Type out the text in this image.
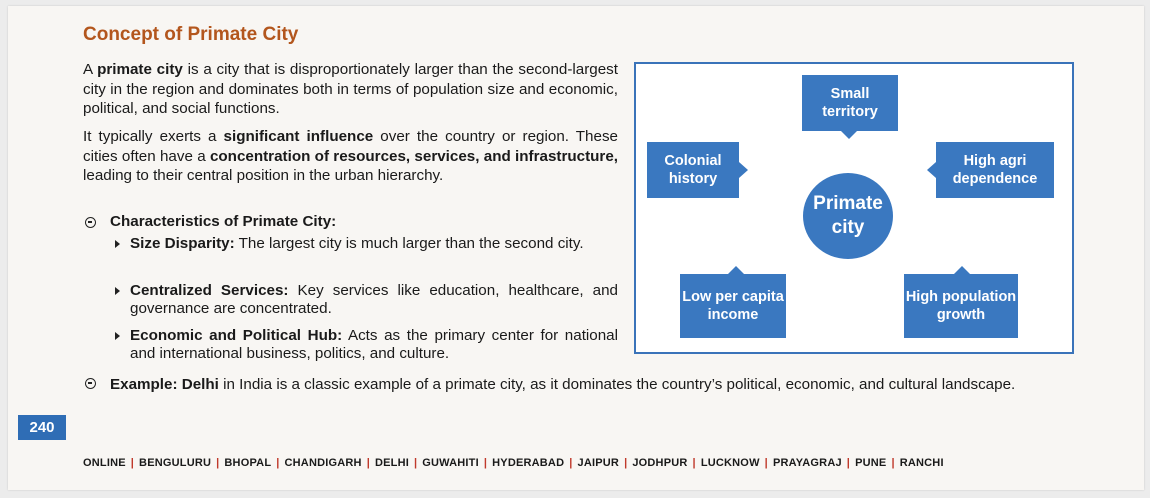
Concept of Primate City

A primate city is a city that is disproportionately larger than the second-largest city in the region and dominates both in terms of population size and economic, political, and social functions.

It typically exerts a significant influence over the country or region. These cities often have a concentration of resources, services, and infrastructure, leading to their central position in the urban hierarchy.

Characteristics of Primate City:

Size Disparity: The largest city is much larger than the second city.

Centralized Services: Key services like education, healthcare, and governance are concentrated.

Economic and Political Hub: Acts as the primary center for national and international business, politics, and culture.

Example: Delhi in India is a classic example of a primate city, as it dominates the country’s political, economic, and cultural landscape.

Small territory
Colonial history
High agri dependence
Primate city
Low per capita income
High population growth
240
ONLINE | BENGULURU | BHOPAL | CHANDIGARH | DELHI | GUWAHITI | HYDERABAD | JAIPUR | JODHPUR | LUCKNOW | PRAYAGRAJ | PUNE | RANCHI
